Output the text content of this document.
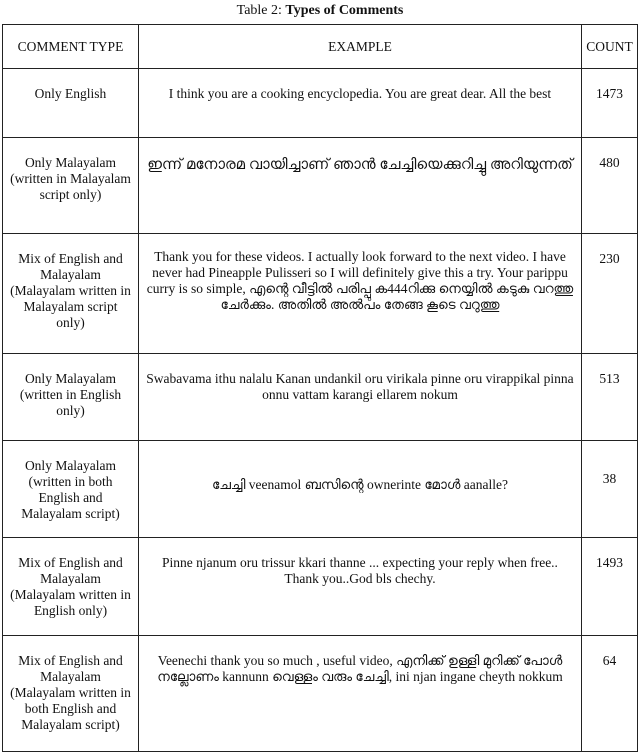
Table 2: Types of Comments
COMMENT TYPE	EXAMPLE	COUNT
Only English	I think you are a cooking encyclopedia. You are great dear. All the best	1473
Only Malayalam (written in Malayalam script only)	ഇന്ന് മനോരമ വായിച്ചാണ് ഞാൻ ചേച്ചിയെക്കുറിച്ചു അറിയുന്നത്	480
Mix of English and Malayalam (Malayalam written in Malayalam script only)	Thank you for these videos. I actually look forward to the next video. I have never had Pineapple Pulisseri so I will definitely give this a try. Your parippu curry is so simple, എന്റെ വീട്ടിൽ പരിപ്പു ക444റിക്കു നെയ്യിൽ കടുകു വറത്തു ചേർക്കും. അതിൽ അൽപം തേങ്ങ കൂടെ വറുത്തു	230
Only Malayalam (written in English only)	Swabavama ithu nalalu Kanan undankil oru virikala pinne oru virappikal pinna onnu vattam karangi ellarem nokum	513
Only Malayalam (written in both English and Malayalam script)	ചേച്ചി veenamol ബസിന്റെ ownerinte മോൾ aanalle?	38
Mix of English and Malayalam (Malayalam written in English only)	Pinne njanum oru trissur kkari thanne ... expecting your reply when free.. Thank you..God bls chechy.	1493
Mix of English and Malayalam (Malayalam written in both English and Malayalam script)	Veenechi thank you so much , useful video, എനിക്ക് ഉള്ളി മുറിക്ക് പോൾ നല്ലോണം kannunn വെള്ളം വരും ചേച്ചി, ini njan ingane cheyth nokkum	64
